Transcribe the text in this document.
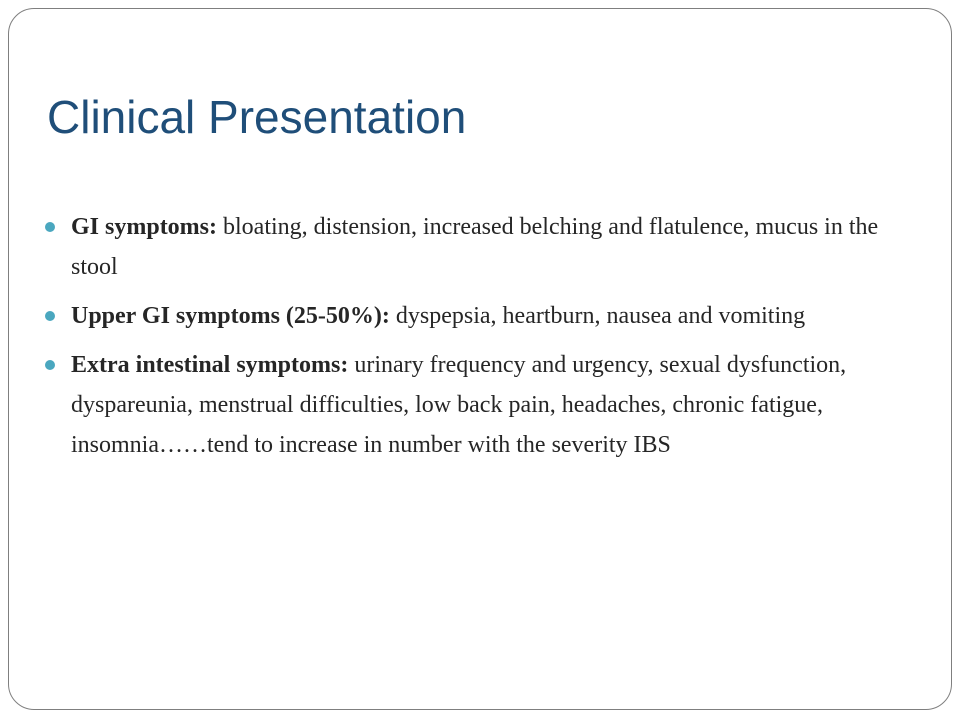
Clinical Presentation
GI symptoms: bloating, distension, increased belching and flatulence, mucus in the stool
Upper GI symptoms (25-50%): dyspepsia, heartburn, nausea and vomiting
Extra intestinal symptoms: urinary frequency and urgency, sexual dysfunction, dyspareunia, menstrual difficulties, low back pain, headaches, chronic fatigue, insomnia……tend to increase in number with the severity IBS
